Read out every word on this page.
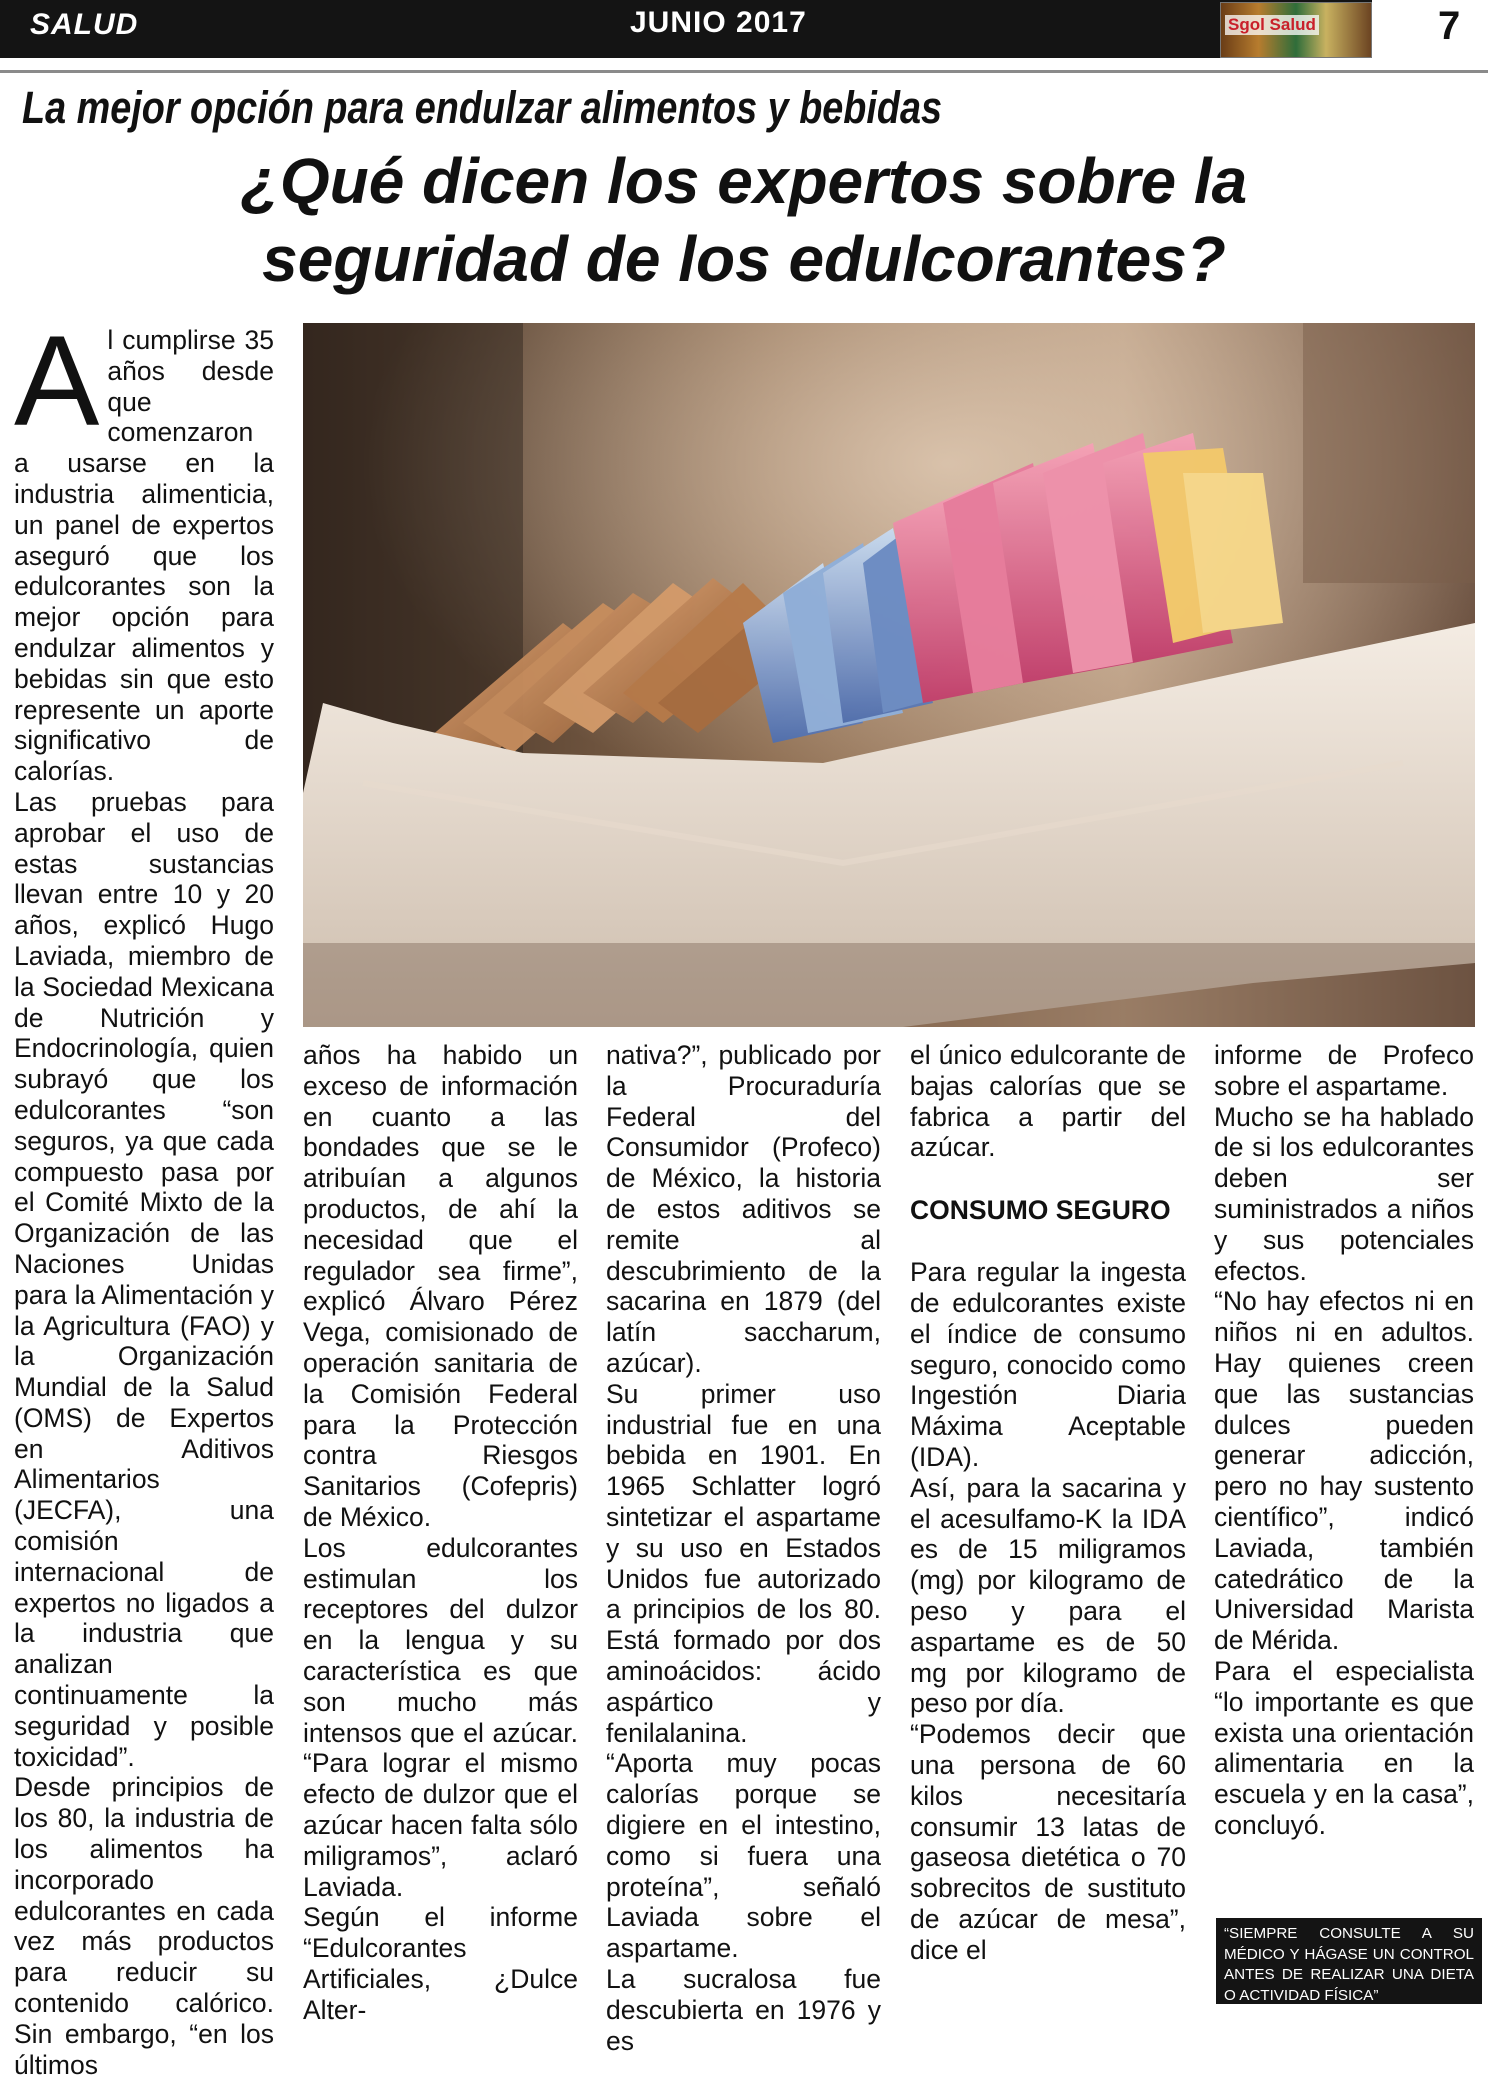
SALUD	JUNIO 2017	Sgol Salud	7
La mejor opción para endulzar alimentos y bebidas
¿Qué dicen los expertos sobre la
seguridad de los edulcorantes?

Al cumplirse 35 años desde que comenzaron a usarse en la industria alimenticia, un panel de expertos aseguró que los edulcorantes son la mejor opción para endulzar alimentos y bebidas sin que esto represente un aporte significativo de calorías.

Las pruebas para aprobar el uso de estas sustancias llevan entre 10 y 20 años, explicó Hugo Laviada, miembro de la Sociedad Mexicana de Nutrición y Endocrinología, quien subrayó que los edulcorantes “son seguros, ya que cada compuesto pasa por el Comité Mixto de la Organización de las Naciones Unidas para la Alimentación y la Agricultura (FAO) y la Organización Mundial de la Salud (OMS) de Expertos en Aditivos Alimentarios (JECFA), una comisión internacional de expertos no ligados a la industria que analizan continuamente la seguridad y posible toxicidad”.

Desde principios de los 80, la industria de los alimentos ha incorporado edulcorantes en cada vez más productos para reducir su contenido calórico. Sin embargo, “en los últimos

años ha habido un exceso de información en cuanto a las bondades que se le atribuían a algunos productos, de ahí la necesidad que el regulador sea firme”, explicó Álvaro Pérez Vega, comisionado de operación sanitaria de la Comisión Federal para la Protección contra Riesgos Sanitarios (Cofepris) de México.

Los edulcorantes estimulan los receptores del dulzor en la lengua y su característica es que son mucho más intensos que el azúcar. “Para lograr el mismo efecto de dulzor que el azúcar hacen falta sólo miligramos”, aclaró Laviada.

Según el informe “Edulcorantes Artificiales, ¿Dulce Alter-

nativa?”, publicado por la Procuraduría Federal del Consumidor (Profeco) de México, la historia de estos aditivos se remite al descubrimiento de la sacarina en 1879 (del latín saccharum, azúcar).

Su primer uso industrial fue en una bebida en 1901. En 1965 Schlatter logró sintetizar el aspartame y su uso en Estados Unidos fue autorizado a principios de los 80. Está formado por dos aminoácidos: ácido aspártico y fenilalanina.

“Aporta muy pocas calorías porque se digiere en el intestino, como si fuera una proteína”, señaló Laviada sobre el aspartame.

La sucralosa fue descubierta en 1976 y es

el único edulcorante de bajas calorías que se fabrica a partir del azúcar.

CONSUMO SEGURO

Para regular la ingesta de edulcorantes existe el índice de consumo seguro, conocido como Ingestión Diaria Máxima Aceptable (IDA).

Así, para la sacarina y el acesulfamo-K la IDA es de 15 miligramos (mg) por kilogramo de peso y para el aspartame es de 50 mg por kilogramo de peso por día.

“Podemos decir que una persona de 60 kilos necesitaría consumir 13 latas de gaseosa dietética o 70 sobrecitos de sustituto de azúcar de mesa”, dice el

informe de Profeco sobre el aspartame.

Mucho se ha hablado de si los edulcorantes deben ser suministrados a niños y sus potenciales efectos.

“No hay efectos ni en niños ni en adultos. Hay quienes creen que las sustancias dulces pueden generar adicción, pero no hay sustento científico”, indicó Laviada, también catedrático de la Universidad Marista de Mérida.

Para el especialista “lo importante es que exista una orientación alimentaria en la escuela y en la casa”, concluyó.

“SIEMPRE CONSULTE A SU MÉDICO Y HÁGASE UN CONTROL ANTES DE REALIZAR UNA DIETA O ACTIVIDAD FÍSICA”
